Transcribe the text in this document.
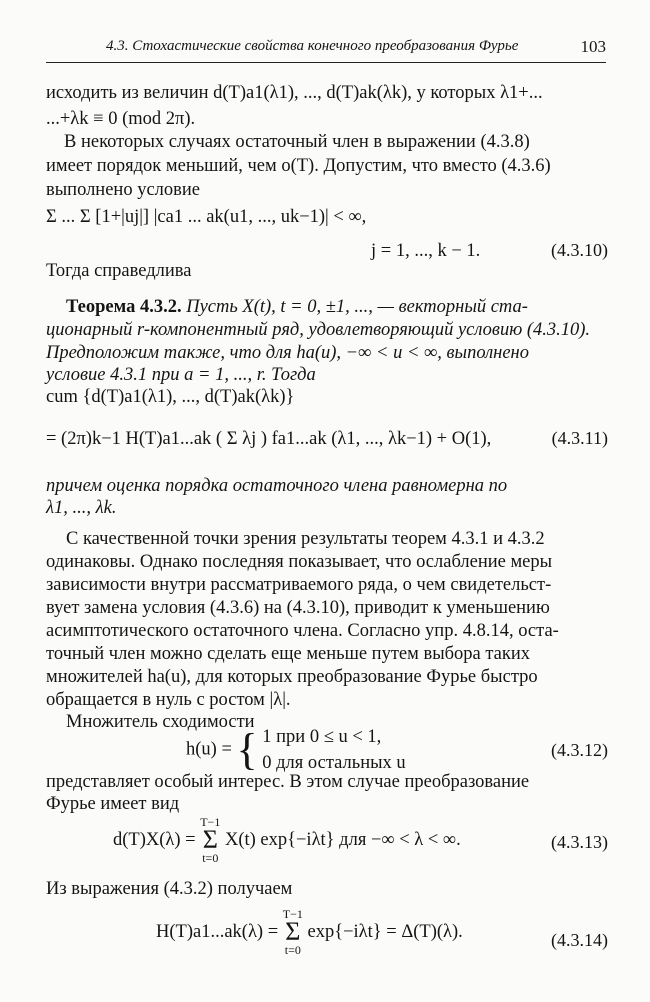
4.3. Стохастические свойства конечного преобразования Фурье	103
исходить из величин d(T)a1(λ1), ..., d(T)ak(λk), у которых λ1+...
...+λk ≡ 0 (mod 2π).
В некоторых случаях остаточный член в выражении (4.3.8)
имеет порядок меньший, чем o(T). Допустим, что вместо (4.3.6)
выполнено условие
Σ ... Σ [1+|uj|] |ca1 ... ak(u1, ..., uk−1)| < ∞,
j = 1, ..., k − 1.	(4.3.10)
Тогда справедлива
Теорема 4.3.2. Пусть X(t), t = 0, ±1, ..., — векторный ста-
ционарный r-компонентный ряд, удовлетворяющий условию (4.3.10).
Предположим также, что для ha(u), −∞ < u < ∞, выполнено
условие 4.3.1 при a = 1, ..., r. Тогда
cum {d(T)a1(λ1), ..., d(T)ak(λk)}
= (2π)k−1 H(T)a1...ak ( Σ λj ) fa1...ak (λ1, ..., λk−1) + O(1),	(4.3.11)
причем оценка порядка остаточного члена равномерна по
λ1, ..., λk.
С качественной точки зрения результаты теорем 4.3.1 и 4.3.2
одинаковы. Однако последняя показывает, что ослабление меры
зависимости внутри рассматриваемого ряда, о чем свидетельст-
вует замена условия (4.3.6) на (4.3.10), приводит к уменьшению
асимптотического остаточного члена. Согласно упр. 4.8.14, оста-
точный член можно сделать еще меньше путем выбора таких
множителей ha(u), для которых преобразование Фурье быстро
обращается в нуль с ростом |λ|.
Множитель сходимости
h(u) = { 1 при 0 ≤ u < 1,
0 для остальных u
(4.3.12)
представляет особый интерес. В этом случае преобразование
Фурье имеет вид
d(T)X(λ) =
T−1
Σ
t=0
X(t) exp{−iλt} для −∞ < λ < ∞.	(4.3.13)
Из выражения (4.3.2) получаем
H(T)a1...ak(λ) =
T−1
Σ
t=0
exp{−iλt} = Δ(T)(λ).	(4.3.14)
